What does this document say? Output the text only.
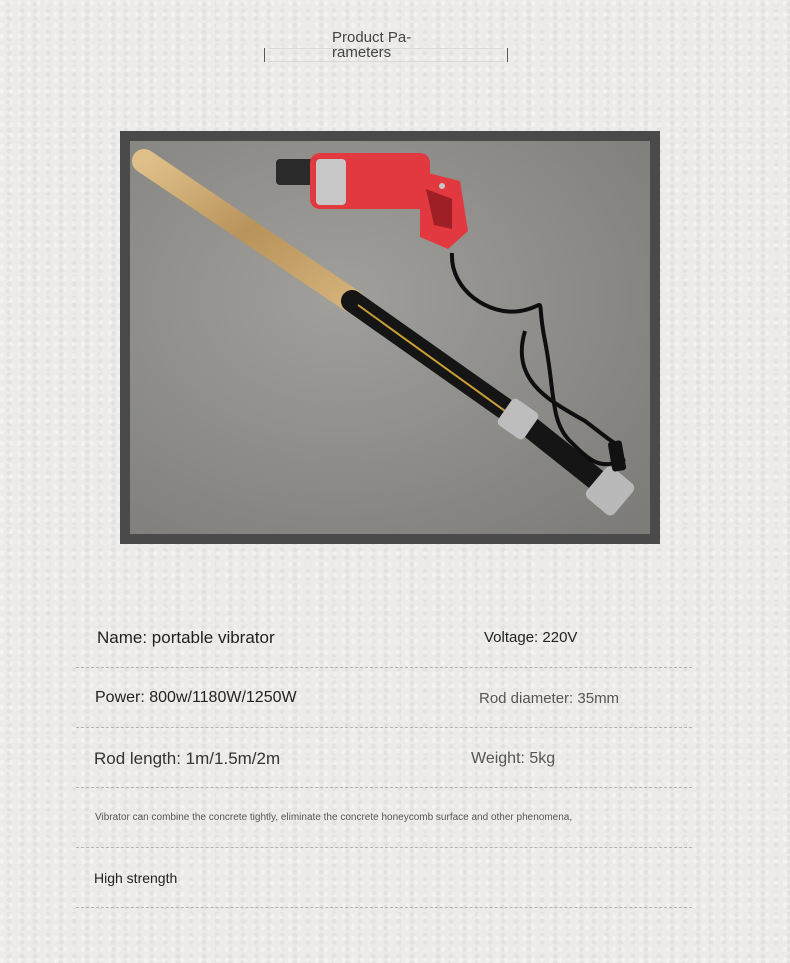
Product Pa-
rameters
Name: portable vibrator	Voltage: 220V
Power: 800w/1180W/1250W	Rod diameter: 35mm
Rod length: 1m/1.5m/2m	Weight: 5kg
Vibrator can combine the concrete tightly, eliminate the concrete honeycomb surface and other phenomena,
High strength
